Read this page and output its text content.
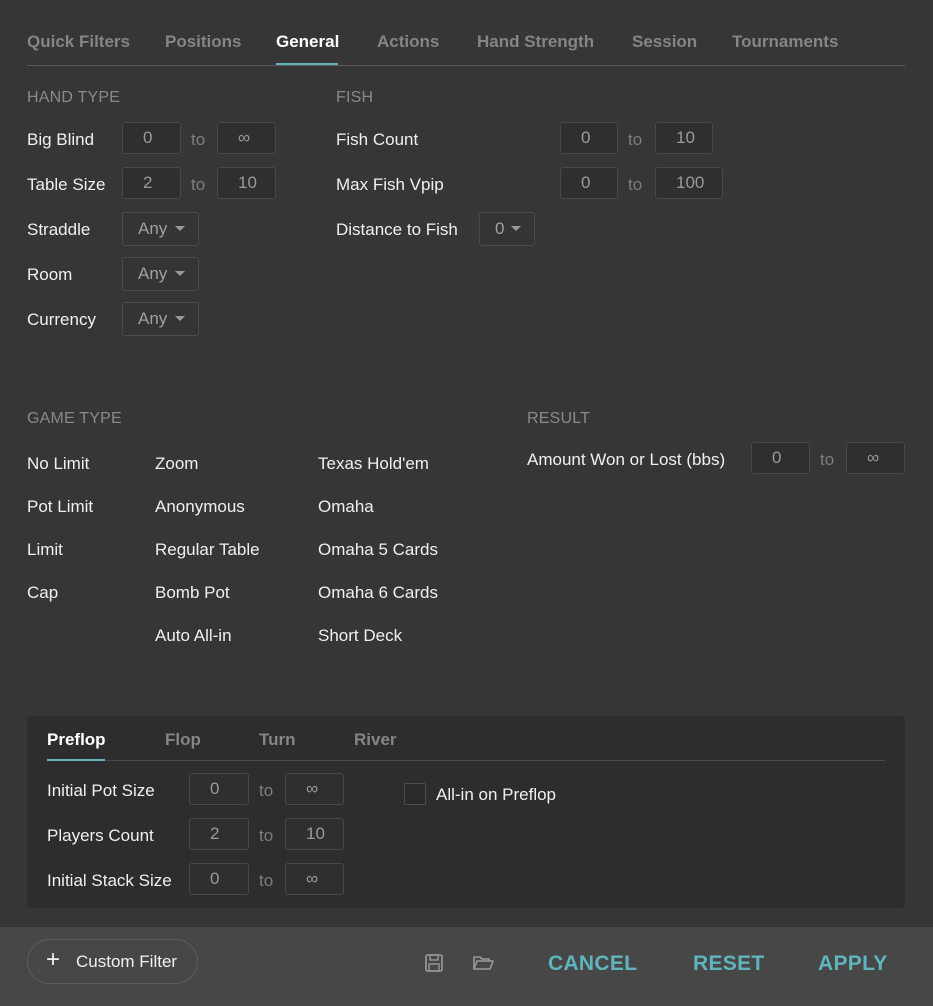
Quick Filters Positions General Actions Hand Strength Session Tournaments
HAND TYPE
Big Blind	0	to	∞
Table Size	2	to	10
Straddle	Any
Room	Any
Currency	Any
FISH
Fish Count	0	to	10
Max Fish Vpip	0	to	100
Distance to Fish	0
GAME TYPE
No Limit
Pot Limit
Limit
Cap
Zoom
Anonymous
Regular Table
Bomb Pot
Auto All-in
Texas Hold'em
Omaha
Omaha 5 Cards
Omaha 6 Cards
Short Deck
RESULT
Amount Won or Lost (bbs)	0	to	∞
Preflop	Flop	Turn	River
Initial Pot Size	0	to	∞
Players Count	2	to	10
Initial Stack Size	0	to	∞
All-in on Preflop
+ Custom Filter	CANCEL	RESET	APPLY
